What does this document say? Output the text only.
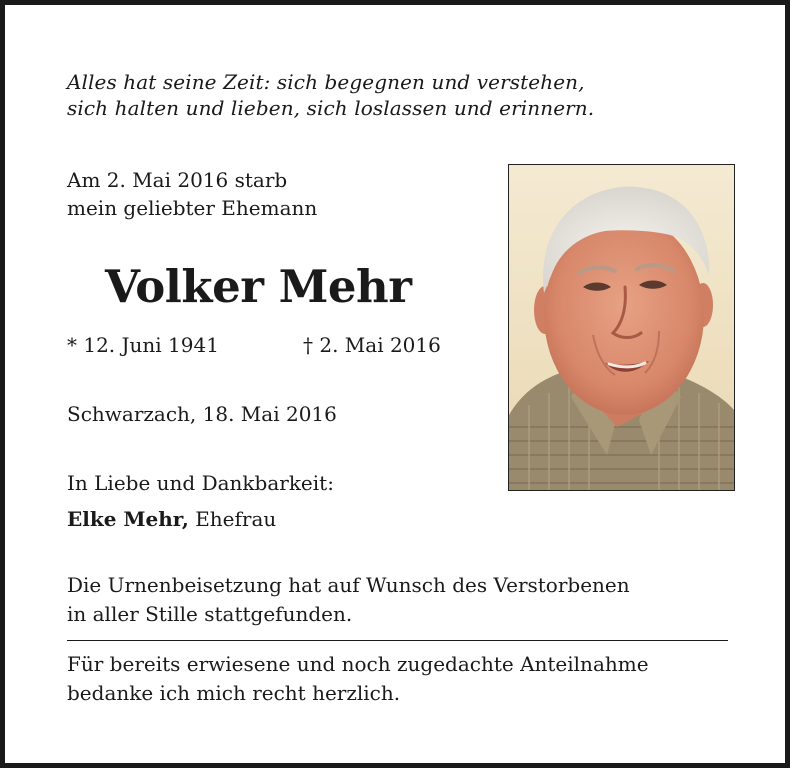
Alles hat seine Zeit: sich begegnen und verstehen,
sich halten und lieben, sich loslassen und erinnern.
Am 2. Mai 2016 starb
mein geliebter Ehemann
Volker Mehr
* 12. Juni 1941	† 2. Mai 2016
Schwarzach, 18. Mai 2016
In Liebe und Dankbarkeit:
Elke Mehr, Ehefrau
Die Urnenbeisetzung hat auf Wunsch des Verstorbenen
in aller Stille stattgefunden.
Für bereits erwiesene und noch zugedachte Anteilnahme
bedanke ich mich recht herzlich.
